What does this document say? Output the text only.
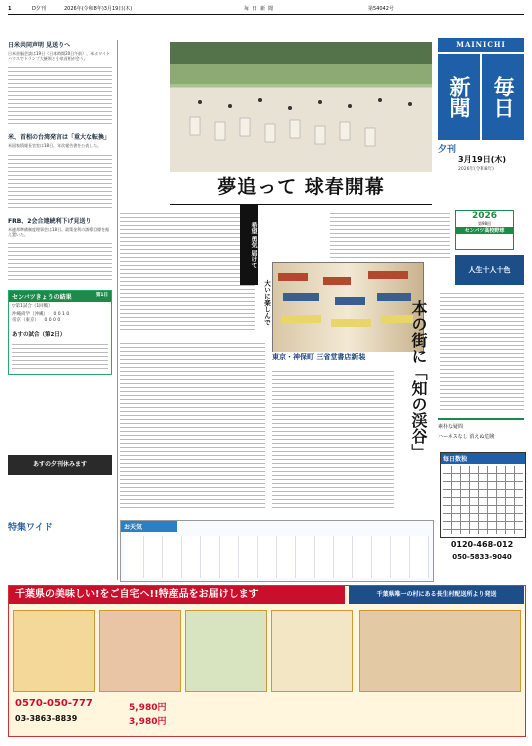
1	D夕刊	2026年(令和8年)3月19日(木)	毎日新聞	第54042号
日米共同声明 見送りへ
日米首脳会談は19日（日本時間20日午前）、米ホワイトハウスでトランプ大統領と小泉首相が会う。
米、首相の台湾発言は「重大な転換」
米国家情報長官室は18日、年次報告書を公表した。
FRB、2会合連続利下げ見送り
米連邦準備制度理事会は18日、政策金利の誘導目標を据え置いた。
センバツきょうの結果	第1日
▽第1試合（1回戦）
沖縄尚学（沖縄） 0 0 1 0
帝京（東京） 0 0 0 0
あすの試合（第2日）
夢追って 球春開幕
希望 勇気 届けて
大いに楽しんで
2026
第98回
センバツ高校野球
東京・神保町 三省堂書店新装	本の街に「知の渓谷」
MAINICHI
新聞 毎日
夕刊
3月19日(木)
2026年(令和8年)
人生十人十色
素朴な疑問
ハーネスなし 消えぬ危険
毎日数独
0120-468-012
050-5833-9040
あすの夕刊休みます
特集ワイド	お天気
千葉県の美味しい!をご自宅へ!!特産品をお届けします	千葉県唯一の村にある長生村配送所より発送
0570-050-777
03-3863-8839
5,980円
3,980円
